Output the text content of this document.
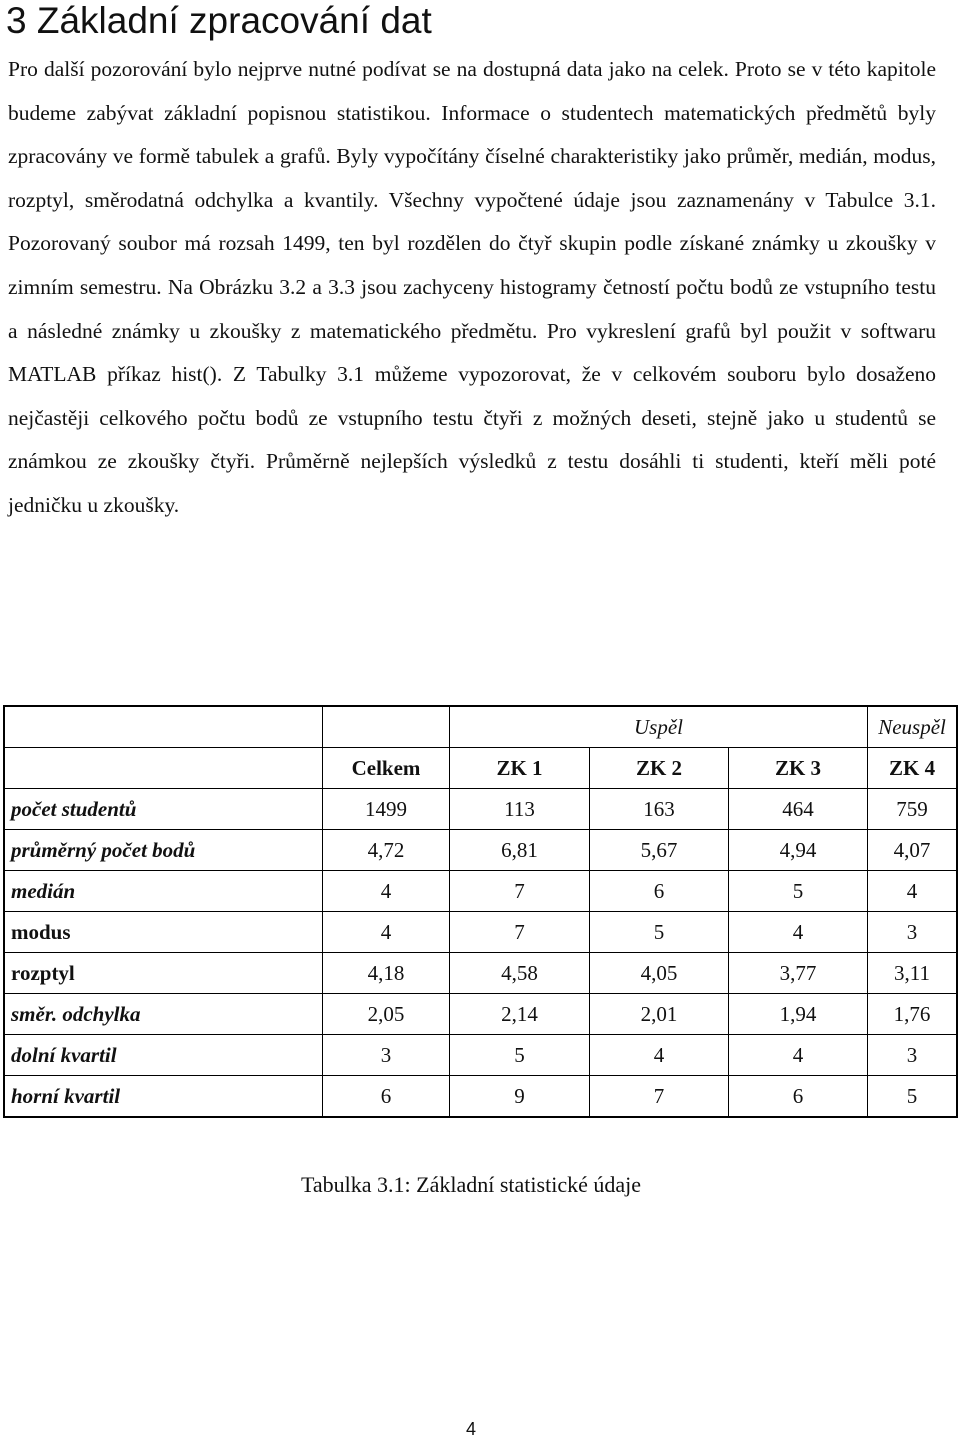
3 Základní zpracování dat

Pro další pozorování bylo nejprve nutné podívat se na dostupná data jako na celek. Proto se v této kapitole budeme zabývat základní popisnou statistikou. Informace o studentech matematických předmětů byly zpracovány ve formě tabulek a grafů. Byly vypočítány číselné charakteristiky jako průměr, medián, modus, rozptyl, směrodatná odchylka a kvantily. Všechny vypočtené údaje jsou zaznamenány v Tabulce 3.1. Pozorovaný soubor má rozsah 1499, ten byl rozdělen do čtyř skupin podle získané známky u zkoušky v zimním semestru. Na Obrázku 3.2 a 3.3 jsou zachyceny histogramy četností počtu bodů ze vstupního testu a následné známky u zkoušky z matematického předmětu. Pro vykreslení grafů byl použit v softwaru MATLAB příkaz hist(). Z Tabulky 3.1 můžeme vypozorovat, že v celkovém souboru bylo dosaženo nejčastěji celkového počtu bodů ze vstupního testu čtyři z možných deseti, stejně jako u studentů se známkou ze zkoušky čtyři. Průměrně nejlepších výsledků z testu dosáhli ti studenti, kteří měli poté jedničku u zkoušky.

		Uspěl			Neuspěl
	Celkem	ZK 1	ZK 2	ZK 3	ZK 4
počet studentů	1499	113	163	464	759
průměrný počet bodů	4,72	6,81	5,67	4,94	4,07
medián	4	7	6	5	4
modus	4	7	5	4	3
rozptyl	4,18	4,58	4,05	3,77	3,11
směr. odchylka	2,05	2,14	2,01	1,94	1,76
dolní kvartil	3	5	4	4	3
horní kvartil	6	9	7	6	5
Tabulka 3.1: Základní statistické údaje
4
